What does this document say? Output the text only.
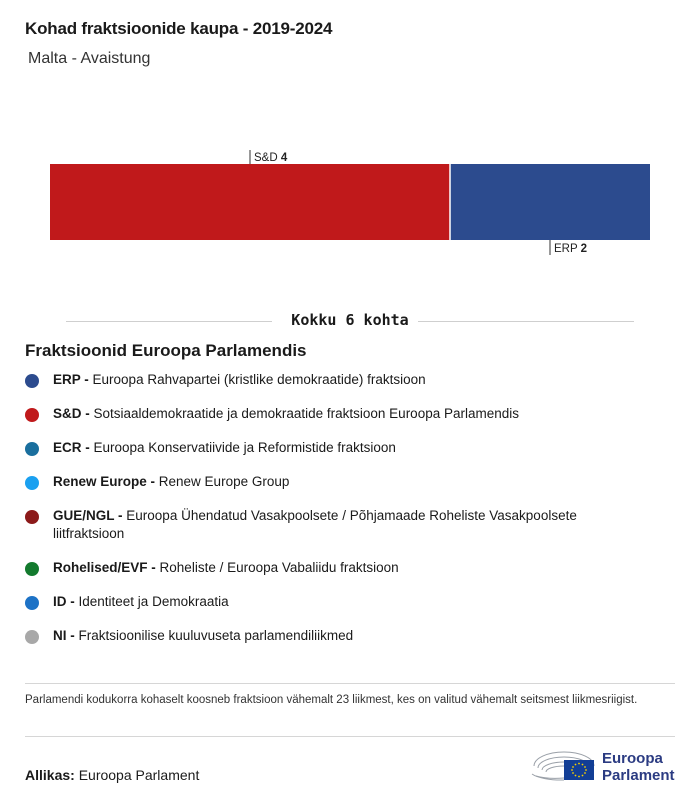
Kohad fraktsioonide kaupa - 2019-2024
Malta - Avaistung
S&D 4
ERP 2
Kokku 6 kohta
Fraktsioonid Euroopa Parlamendis
ERP - Euroopa Rahvapartei (kristlike demokraatide) fraktsioon
S&D - Sotsiaaldemokraatide ja demokraatide fraktsioon Euroopa Parlamendis
ECR - Euroopa Konservatiivide ja Reformistide fraktsioon
Renew Europe - Renew Europe Group
GUE/NGL - Euroopa Ühendatud Vasakpoolsete / Põhjamaade Roheliste Vasakpoolsete liitfraktsioon
Rohelised/EVF - Roheliste / Euroopa Vabaliidu fraktsioon
ID - Identiteet ja Demokraatia
NI - Fraktsioonilise kuuluvuseta parlamendiliikmed
Parlamendi kodukorra kohaselt koosneb fraktsioon vähemalt 23 liikmest, kes on valitud vähemalt seitsmest liikmesriigist.
Allikas: Euroopa Parlament
Euroopa
Parlament
